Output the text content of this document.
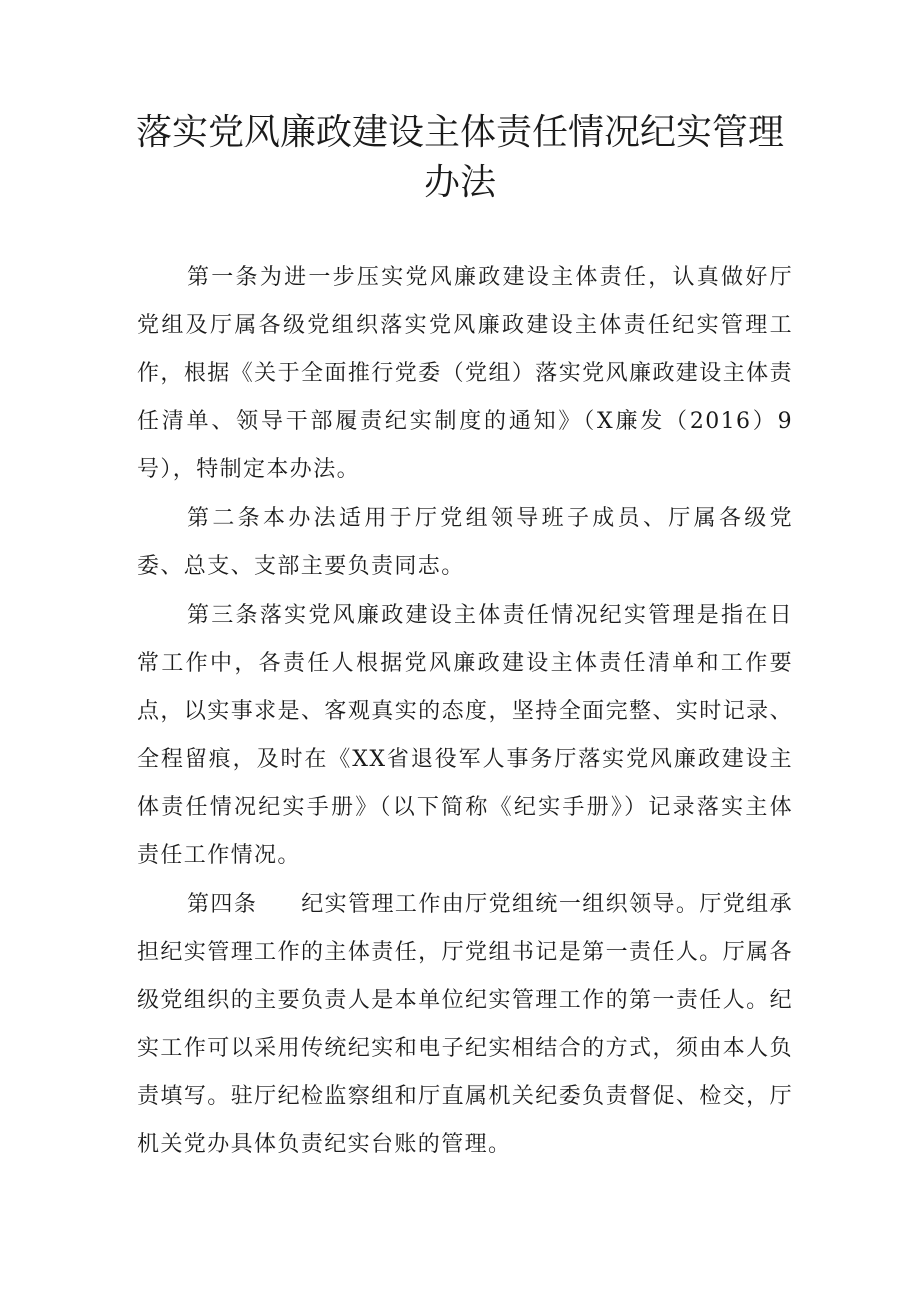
落实党风廉政建设主体责任情况纪实管理办法

第一条为进一步压实党风廉政建设主体责任，认真做好厅党组及厅属各级党组织落实党风廉政建设主体责任纪实管理工作，根据《关于全面推行党委（党组）落实党风廉政建设主体责任清单、领导干部履责纪实制度的通知》（X廉发（2016）9号），特制定本办法。

第二条本办法适用于厅党组领导班子成员、厅属各级党委、总支、支部主要负责同志。

第三条落实党风廉政建设主体责任情况纪实管理是指在日常工作中，各责任人根据党风廉政建设主体责任清单和工作要点，以实事求是、客观真实的态度，坚持全面完整、实时记录、全程留痕，及时在《XX省退役军人事务厅落实党风廉政建设主体责任情况纪实手册》（以下简称《纪实手册》）记录落实主体责任工作情况。

第四条 纪实管理工作由厅党组统一组织领导。厅党组承担纪实管理工作的主体责任，厅党组书记是第一责任人。厅属各级党组织的主要负责人是本单位纪实管理工作的第一责任人。纪实工作可以采用传统纪实和电子纪实相结合的方式，须由本人负责填写。驻厅纪检监察组和厅直属机关纪委负责督促、检交，厅机关党办具体负责纪实台账的管理。
